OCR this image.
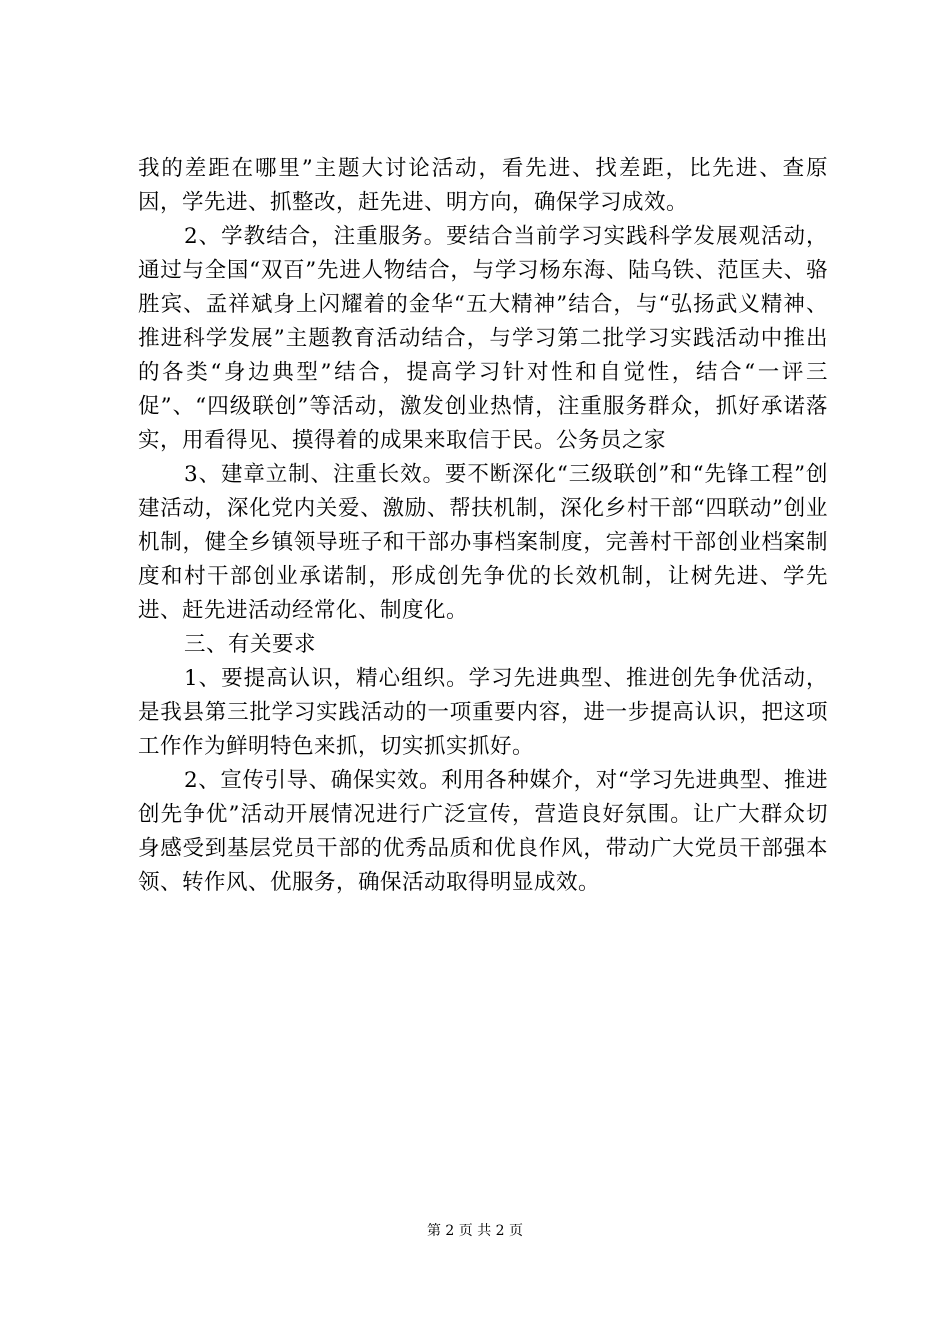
我的差距在哪里”主题大讨论活动，看先进、找差距，比先进、查原因，学先进、抓整改，赶先进、明方向，确保学习成效。

2、学教结合，注重服务。要结合当前学习实践科学发展观活动，通过与全国“双百”先进人物结合，与学习杨东海、陆乌铁、范匡夫、骆胜宾、孟祥斌身上闪耀着的金华“五大精神”结合，与“弘扬武义精神、推进科学发展”主题教育活动结合，与学习第二批学习实践活动中推出的各类“身边典型”结合，提高学习针对性和自觉性，结合“一评三促”、“四级联创”等活动，激发创业热情，注重服务群众，抓好承诺落实，用看得见、摸得着的成果来取信于民。公务员之家

3、建章立制、注重长效。要不断深化“三级联创”和“先锋工程”创建活动，深化党内关爱、激励、帮扶机制，深化乡村干部“四联动”创业机制，健全乡镇领导班子和干部办事档案制度，完善村干部创业档案制度和村干部创业承诺制，形成创先争优的长效机制，让树先进、学先进、赶先进活动经常化、制度化。

三、有关要求

1、要提高认识，精心组织。学习先进典型、推进创先争优活动，是我县第三批学习实践活动的一项重要内容，进一步提高认识，把这项工作作为鲜明特色来抓，切实抓实抓好。

2、宣传引导、确保实效。利用各种媒介，对“学习先进典型、推进创先争优”活动开展情况进行广泛宣传，营造良好氛围。让广大群众切身感受到基层党员干部的优秀品质和优良作风，带动广大党员干部强本领、转作风、优服务，确保活动取得明显成效。

第 2 页 共 2 页
